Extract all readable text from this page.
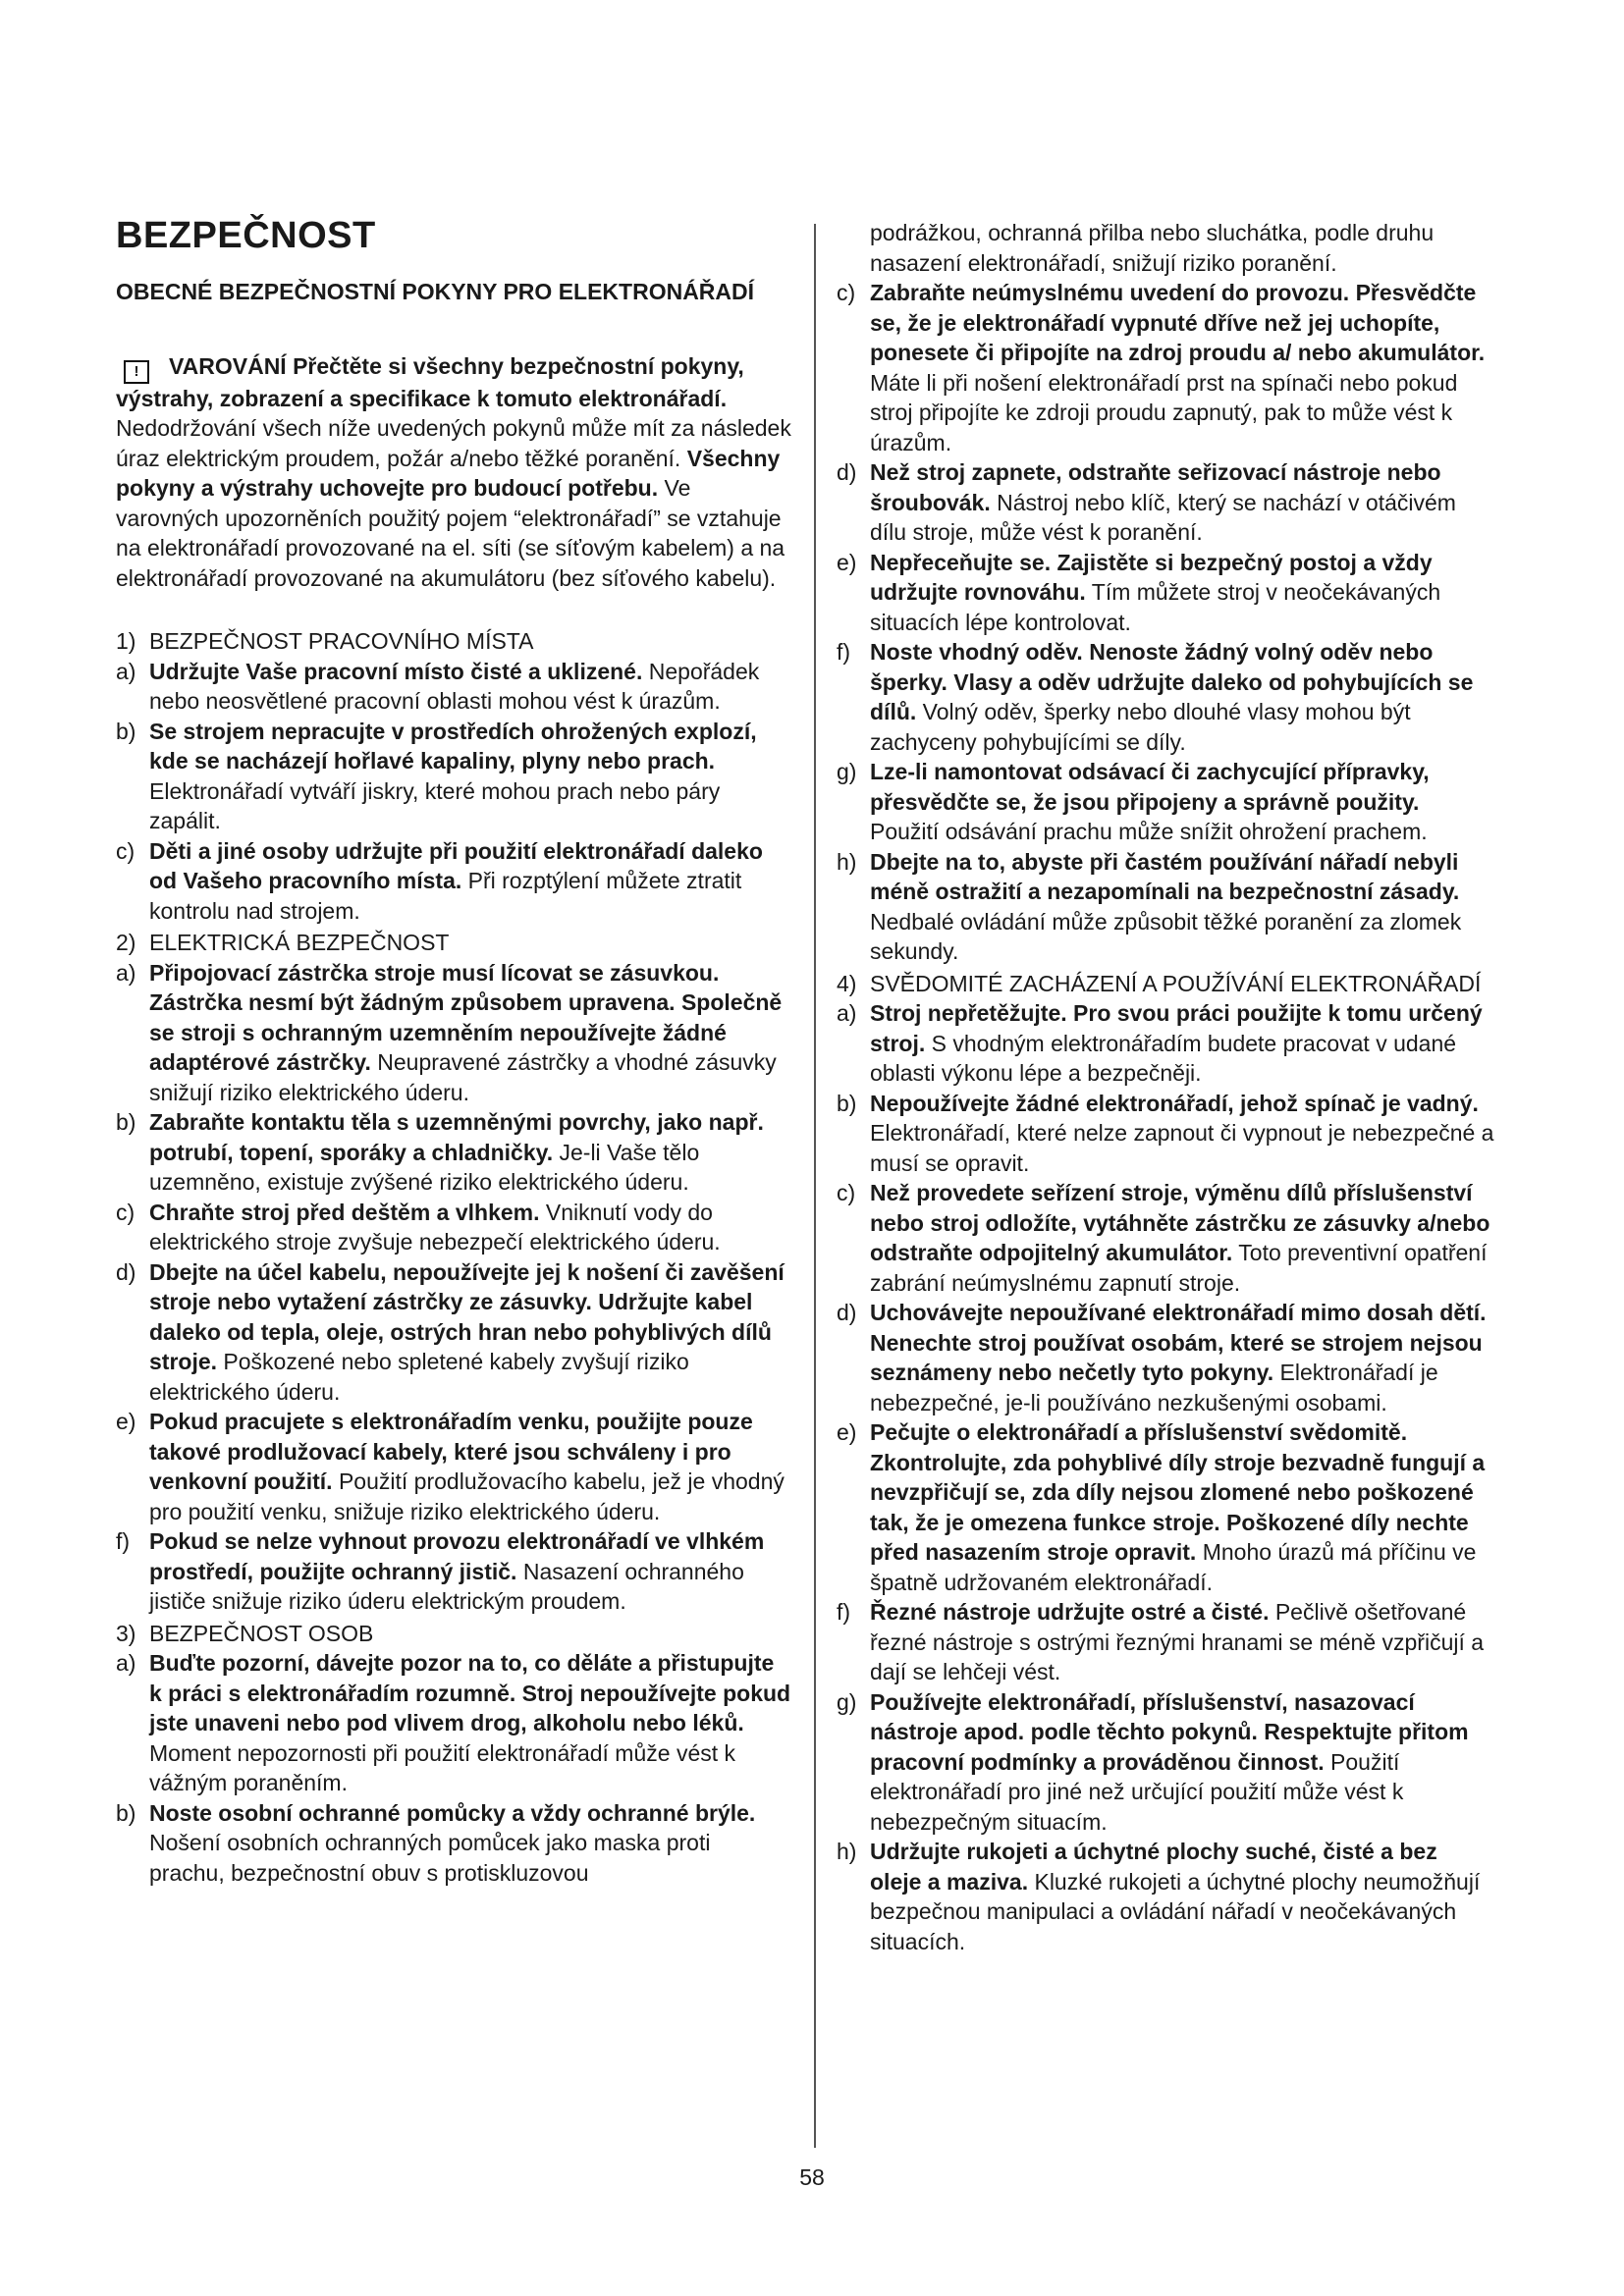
BEZPEČNOST
OBECNÉ BEZPEČNOSTNÍ POKYNY PRO ELEKTRONÁŘADÍ

! VAROVÁNÍ Přečtěte si všechny bezpečnostní pokyny, výstrahy, zobrazení a specifikace k tomuto elektronářadí. Nedodržování všech níže uvedených pokynů může mít za následek úraz elektrickým proudem, požár a/nebo těžké poranění. Všechny pokyny a výstrahy uchovejte pro budoucí potřebu. Ve varovných upozorněních použitý pojem “elektronářadí” se vztahuje na elektronářadí provozované na el. síti (se síťovým kabelem) a na elektronářadí provozované na akumulátoru (bez síťového kabelu).

1) BEZPEČNOST PRACOVNÍHO MÍSTA
a) Udržujte Vaše pracovní místo čisté a uklizené. Nepořádek nebo neosvětlené pracovní oblasti mohou vést k úrazům.
b) Se strojem nepracujte v prostředích ohrožených explozí, kde se nacházejí hořlavé kapaliny, plyny nebo prach. Elektronářadí vytváří jiskry, které mohou prach nebo páry zapálit.
c) Děti a jiné osoby udržujte při použití elektronářadí daleko od Vašeho pracovního místa. Při rozptýlení můžete ztratit kontrolu nad strojem.
2) ELEKTRICKÁ BEZPEČNOST
a) Připojovací zástrčka stroje musí lícovat se zásuvkou. Zástrčka nesmí být žádným způsobem upravena. Společně se stroji s ochranným uzemněním nepoužívejte žádné adaptérové zástrčky. Neupravené zástrčky a vhodné zásuvky snižují riziko elektrického úderu.
b) Zabraňte kontaktu těla s uzemněnými povrchy, jako např. potrubí, topení, sporáky a chladničky. Je-li Vaše tělo uzemněno, existuje zvýšené riziko elektrického úderu.
c) Chraňte stroj před deštěm a vlhkem. Vniknutí vody do elektrického stroje zvyšuje nebezpečí elektrického úderu.
d) Dbejte na účel kabelu, nepoužívejte jej k nošení či zavěšení stroje nebo vytažení zástrčky ze zásuvky. Udržujte kabel daleko od tepla, oleje, ostrých hran nebo pohyblivých dílů stroje. Poškozené nebo spletené kabely zvyšují riziko elektrického úderu.
e) Pokud pracujete s elektronářadím venku, použijte pouze takové prodlužovací kabely, které jsou schváleny i pro venkovní použití. Použití prodlužovacího kabelu, jež je vhodný pro použití venku, snižuje riziko elektrického úderu.
f) Pokud se nelze vyhnout provozu elektronářadí ve vlhkém prostředí, použijte ochranný jistič. Nasazení ochranného jističe snižuje riziko úderu elektrickým proudem.
3) BEZPEČNOST OSOB
a) Buďte pozorní, dávejte pozor na to, co děláte a přistupujte k práci s elektronářadím rozumně. Stroj nepoužívejte pokud jste unaveni nebo pod vlivem drog, alkoholu nebo léků. Moment nepozornosti při použití elektronářadí může vést k vážným poraněním.
b) Noste osobní ochranné pomůcky a vždy ochranné brýle. Nošení osobních ochranných pomůcek jako maska proti prachu, bezpečnostní obuv s protiskluzovou
podrážkou, ochranná přilba nebo sluchátka, podle druhu nasazení elektronářadí, snižují riziko poranění.
c) Zabraňte neúmyslnému uvedení do provozu. Přesvědčte se, že je elektronářadí vypnuté dříve než jej uchopíte, ponesete či připojíte na zdroj proudu a/ nebo akumulátor. Máte li při nošení elektronářadí prst na spínači nebo pokud stroj připojíte ke zdroji proudu zapnutý, pak to může vést k úrazům.
d) Než stroj zapnete, odstraňte seřizovací nástroje nebo šroubovák. Nástroj nebo klíč, který se nachází v otáčivém dílu stroje, může vést k poranění.
e) Nepřeceňujte se. Zajistěte si bezpečný postoj a vždy udržujte rovnováhu. Tím můžete stroj v neočekávaných situacích lépe kontrolovat.
f) Noste vhodný oděv. Nenoste žádný volný oděv nebo šperky. Vlasy a oděv udržujte daleko od pohybujících se dílů. Volný oděv, šperky nebo dlouhé vlasy mohou být zachyceny pohybujícími se díly.
g) Lze-li namontovat odsávací či zachycující přípravky, přesvědčte se, že jsou připojeny a správně použity. Použití odsávání prachu může snížit ohrožení prachem.
h) Dbejte na to, abyste při častém používání nářadí nebyli méně ostražití a nezapomínali na bezpečnostní zásady. Nedbalé ovládání může způsobit těžké poranění za zlomek sekundy.
4) SVĚDOMITÉ ZACHÁZENÍ A POUŽÍVÁNÍ ELEKTRONÁŘADÍ
a) Stroj nepřetěžujte. Pro svou práci použijte k tomu určený stroj. S vhodným elektronářadím budete pracovat v udané oblasti výkonu lépe a bezpečněji.
b) Nepoužívejte žádné elektronářadí, jehož spínač je vadný. Elektronářadí, které nelze zapnout či vypnout je nebezpečné a musí se opravit.
c) Než provedete seřízení stroje, výměnu dílů příslušenství nebo stroj odložíte, vytáhněte zástrčku ze zásuvky a/nebo odstraňte odpojitelný akumulátor. Toto preventivní opatření zabrání neúmyslnému zapnutí stroje.
d) Uchovávejte nepoužívané elektronářadí mimo dosah dětí. Nenechte stroj používat osobám, které se strojem nejsou seznámeny nebo nečetly tyto pokyny. Elektronářadí je nebezpečné, je-li používáno nezkušenými osobami.
e) Pečujte o elektronářadí a příslušenství svědomitě. Zkontrolujte, zda pohyblivé díly stroje bezvadně fungují a nevzpřičují se, zda díly nejsou zlomené nebo poškozené tak, že je omezena funkce stroje. Poškozené díly nechte před nasazením stroje opravit. Mnoho úrazů má příčinu ve špatně udržovaném elektronářadí.
f) Řezné nástroje udržujte ostré a čisté. Pečlivě ošetřované řezné nástroje s ostrými řeznými hranami se méně vzpřičují a dají se lehčeji vést.
g) Používejte elektronářadí, příslušenství, nasazovací nástroje apod. podle těchto pokynů. Respektujte přitom pracovní podmínky a prováděnou činnost. Použití elektronářadí pro jiné než určující použití může vést k nebezpečným situacím.
h) Udržujte rukojeti a úchytné plochy suché, čisté a bez oleje a maziva. Kluzké rukojeti a úchytné plochy neumožňují bezpečnou manipulaci a ovládání nářadí v neočekávaných situacích.
58
